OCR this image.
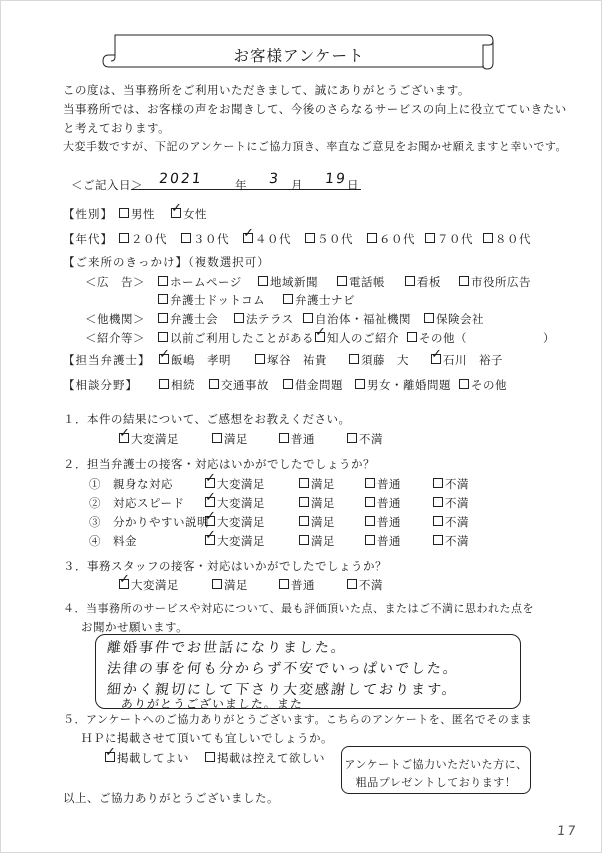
お客様アンケート
この度は、当事務所をご利用いただきまして、誠にありがとうございます。
当事務所では、お客様の声をお聞きして、今後のさらなるサービスの向上に役立てていきたい
と考えております。
大変手数ですが、下記のアンケートにご協力頂き、率直なご意見をお聞かせ願えますと幸いです。
＜ご記入日＞ 2021	年 3 月 19 日
【性別】	男性 ✓	女性
【年代】	２０代	３０代 ✓	４０代	５０代	６０代	７０代	８０代
【ご来所のきっかけ】（複数選択可）
＜広　告＞	ホームページ	地域新聞	電話帳	看板	市役所広告
弁護士ドットコム	弁護士ナビ
＜他機関＞	弁護士会	法テラス	自治体・福祉機関	保険会社
＜紹介等＞	以前ご利用したことがある ✓	知人のご紹介	その他（	）
【担当弁護士】 ✓	飯嶋　孝明	塚谷　祐貴	須藤　大 ✓	石川　裕子
【相談分野】	相続	交通事故	借金問題	男女・離婚問題	その他
１．本件の結果について、ご感想をお教えください。
✓大変満足	満足	普通	不満
２．担当弁護士の接客・対応はいかがでしたでしょうか？
①　親身な対応 ✓	大変満足	満足	普通	不満
②　対応スピード ✓	大変満足	満足	普通	不満
③　分かりやすい説明 ✓ 大変満足	満足	普通	不満
④　料金 ✓	大変満足	満足	普通	不満
３．事務スタッフの接客・対応はいかがでしたでしょうか？
✓大変満足	満足	普通	不満
４．当事務所のサービスや対応について、最も評価頂いた点、またはご不満に思われた点を
お聞かせ願います。
離婚事件でお世話になりました。
法律の事を何も分からず不安でいっぱいでした。
細かく親切にして下さり大変感謝しております。
ありがとうございました。また
５．アンケートへのご協力ありがとうございます。こちらのアンケートを、匿名でそのまま
ＨＰに掲載させて頂いても宜しいでしょうか。
✓掲載してよい	掲載は控えて欲しい アンケートご協力いただいた方に、
粗品プレゼントしております！
以上、ご協力ありがとうございました。
17
